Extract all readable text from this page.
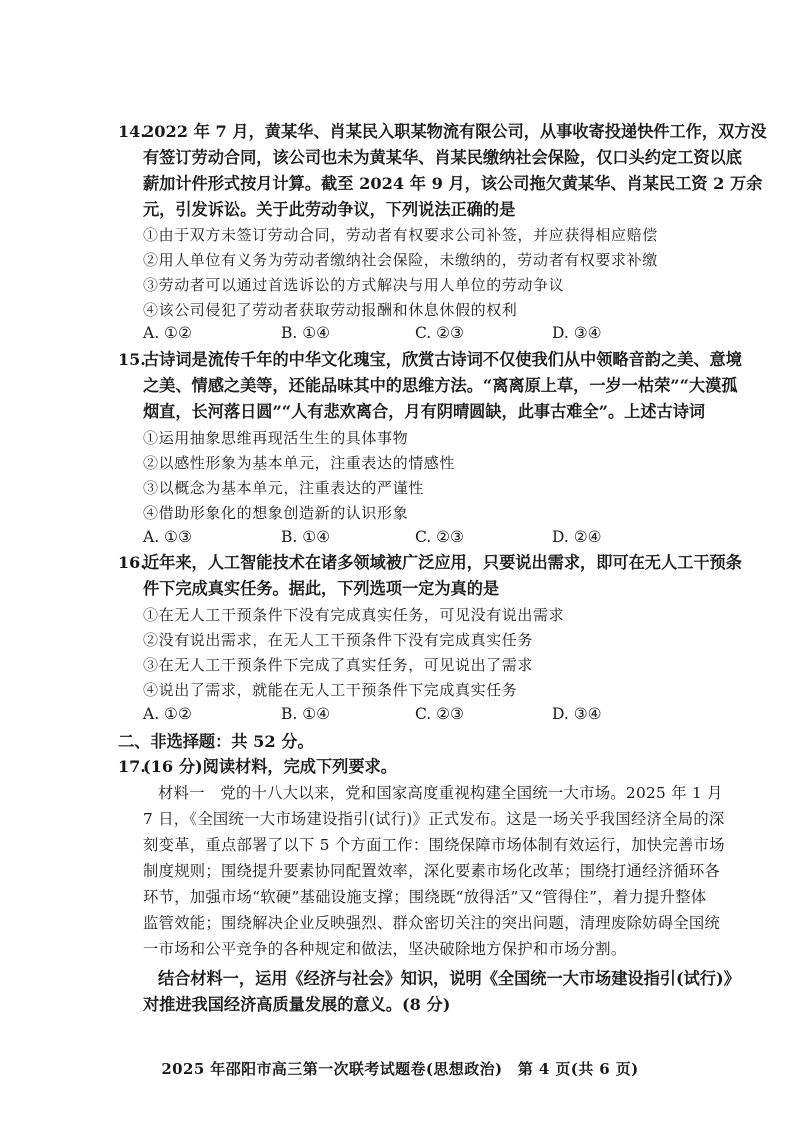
14.
2022 年 7 月，黄某华、肖某民入职某物流有限公司，从事收寄投递快件工作，双方没
有签订劳动合同，该公司也未为黄某华、肖某民缴纳社会保险，仅口头约定工资以底
薪加计件形式按月计算。截至 2024 年 9 月，该公司拖欠黄某华、肖某民工资 2 万余
元，引发诉讼。关于此劳动争议，下列说法正确的是
①由于双方未签订劳动合同，劳动者有权要求公司补签，并应获得相应赔偿
②用人单位有义务为劳动者缴纳社会保险，未缴纳的，劳动者有权要求补缴
③劳动者可以通过首选诉讼的方式解决与用人单位的劳动争议
④该公司侵犯了劳动者获取劳动报酬和休息休假的权利
A. ①②	B. ①④	C. ②③	D. ③④
15.
古诗词是流传千年的中华文化瑰宝，欣赏古诗词不仅使我们从中领略音韵之美、意境
之美、情感之美等，还能品味其中的思维方法。“离离原上草，一岁一枯荣”“大漠孤
烟直，长河落日圆”“人有悲欢离合，月有阴晴圆缺，此事古难全”。上述古诗词
①运用抽象思维再现活生生的具体事物
②以感性形象为基本单元，注重表达的情感性
③以概念为基本单元，注重表达的严谨性
④借助形象化的想象创造新的认识形象
A. ①③	B. ①④	C. ②③	D. ②④
16.
近年来，人工智能技术在诸多领域被广泛应用，只要说出需求，即可在无人工干预条
件下完成真实任务。据此，下列选项一定为真的是
①在无人工干预条件下没有完成真实任务，可见没有说出需求
②没有说出需求，在无人工干预条件下没有完成真实任务
③在无人工干预条件下完成了真实任务，可见说出了需求
④说出了需求，就能在无人工干预条件下完成真实任务
A. ①②	B. ①④	C. ②③	D. ③④
二、非选择题：共 52 分。
17.
(16 分)阅读材料，完成下列要求。
材料一　党的十八大以来，党和国家高度重视构建全国统一大市场。2025 年 1 月
7 日，《全国统一大市场建设指引(试行)》正式发布。这是一场关乎我国经济全局的深
刻变革，重点部署了以下 5 个方面工作：围绕保障市场体制有效运行，加快完善市场
制度规则；围绕提升要素协同配置效率，深化要素市场化改革；围绕打通经济循环各
环节，加强市场“软硬”基础设施支撑；围绕既“放得活”又“管得住”，着力提升整体
监管效能；围绕解决企业反映强烈、群众密切关注的突出问题，清理废除妨碍全国统
一市场和公平竞争的各种规定和做法，坚决破除地方保护和市场分割。
2025 年邵阳市高三第一次联考试题卷(思想政治)　第 4 页(共 6 页)
结合材料一，运用《经济与社会》知识，说明《全国统一大市场建设指引(试行)》
对推进我国经济高质量发展的意义。(8 分)
